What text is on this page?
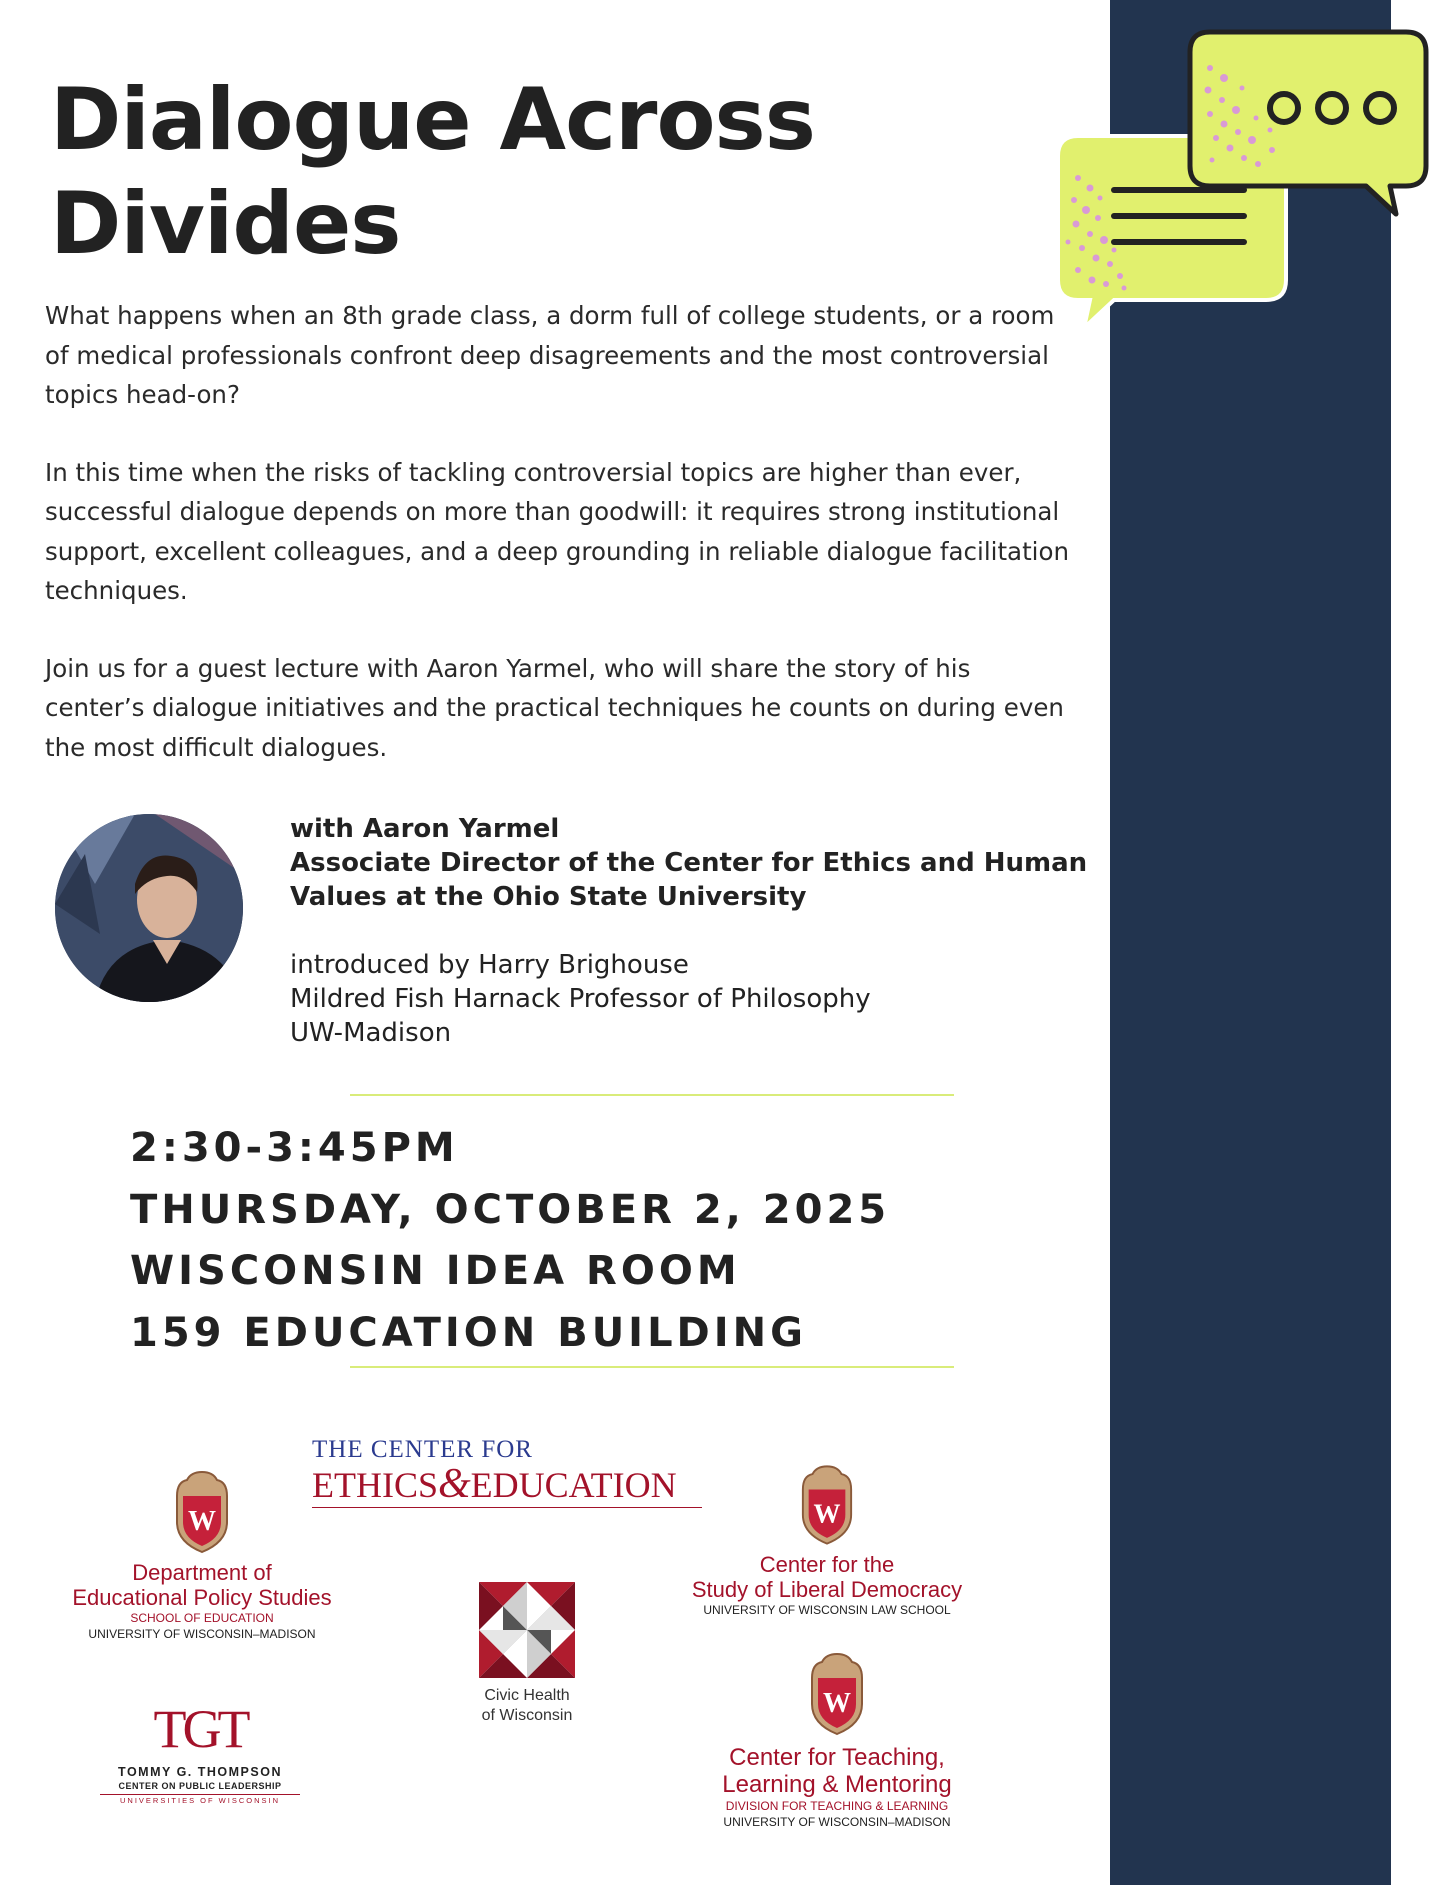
Dialogue Across
Divides

What happens when an 8th grade class, a dorm full of college students, or a room of medical professionals confront deep disagreements and the most controversial topics head-on?

In this time when the risks of tackling controversial topics are higher than ever, successful dialogue depends on more than goodwill: it requires strong institutional support, excellent colleagues, and a deep grounding in reliable dialogue facilitation techniques.

Join us for a guest lecture with Aaron Yarmel, who will share the story of his center’s dialogue initiatives and the practical techniques he counts on during even the most difficult dialogues.

with Aaron Yarmel
Associate Director of the Center for Ethics and Human
Values at the Ohio State University
introduced by Harry Brighouse
Mildred Fish Harnack Professor of Philosophy
UW-Madison
2:30-3:45PM
THURSDAY, OCTOBER 2, 2025
WISCONSIN IDEA ROOM
159 EDUCATION BUILDING
THE CENTER FOR
ETHICS&EDUCATION
W
Department of
Educational Policy Studies
SCHOOL OF EDUCATION
UNIVERSITY OF WISCONSIN–MADISON
Civic Health
of Wisconsin
W
Center for the
Study of Liberal Democracy
UNIVERSITY OF WISCONSIN LAW SCHOOL
TGT
TOMMY G. THOMPSON
CENTER ON PUBLIC LEADERSHIP
UNIVERSITIES OF WISCONSIN
W
Center for Teaching,
Learning & Mentoring
DIVISION FOR TEACHING & LEARNING
UNIVERSITY OF WISCONSIN–MADISON
